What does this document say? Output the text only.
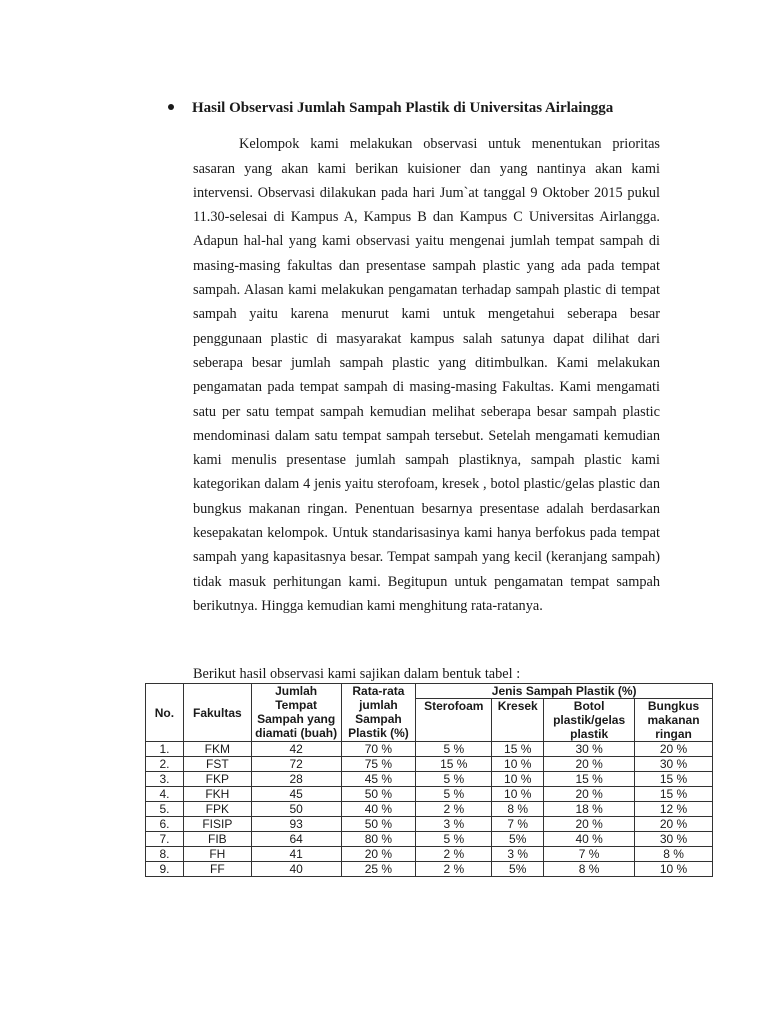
Hasil Observasi Jumlah Sampah Plastik di Universitas Airlaingga

Kelompok kami melakukan observasi untuk menentukan prioritas sasaran yang akan kami berikan kuisioner dan yang nantinya akan kami intervensi. Observasi dilakukan pada hari Jum`at tanggal 9 Oktober 2015 pukul 11.30-selesai di Kampus A, Kampus B dan Kampus C Universitas Airlangga. Adapun hal-hal yang kami observasi yaitu mengenai jumlah tempat sampah di masing-masing fakultas dan presentase sampah plastic yang ada pada tempat sampah. Alasan kami melakukan pengamatan terhadap sampah plastic di tempat sampah yaitu karena menurut kami untuk mengetahui seberapa besar penggunaan plastic di masyarakat kampus salah satunya dapat dilihat dari seberapa besar jumlah sampah plastic yang ditimbulkan. Kami melakukan pengamatan pada tempat sampah di masing-masing Fakultas. Kami mengamati satu per satu tempat sampah kemudian melihat seberapa besar sampah plastic mendominasi dalam satu tempat sampah tersebut. Setelah mengamati kemudian kami menulis presentase jumlah sampah plastiknya, sampah plastic kami kategorikan dalam 4 jenis yaitu sterofoam, kresek , botol plastic/gelas plastic dan bungkus makanan ringan. Penentuan besarnya presentase adalah berdasarkan kesepakatan kelompok. Untuk standarisasinya kami hanya berfokus pada tempat sampah yang kapasitasnya besar. Tempat sampah yang kecil (keranjang sampah) tidak masuk perhitungan kami. Begitupun untuk pengamatan tempat sampah berikutnya. Hingga kemudian kami menghitung rata-ratanya.

Berikut hasil observasi kami sajikan dalam bentuk tabel :
No.	Fakultas	Jumlah Tempat Sampah yang diamati (buah)	Rata-rata jumlah Sampah Plastik (%)	Jenis Sampah Plastik (%)			
				Sterofoam	Kresek	Botol plastik/gelas plastik	Bungkus makanan ringan
1.	FKM	42	70 %	5 %	15 %	30 %	20 %
2.	FST	72	75 %	15 %	10 %	20 %	30 %
3.	FKP	28	45 %	5 %	10 %	15 %	15 %
4.	FKH	45	50 %	5 %	10 %	20 %	15 %
5.	FPK	50	40 %	2 %	8 %	18 %	12 %
6.	FISIP	93	50 %	3 %	7 %	20 %	20 %
7.	FIB	64	80 %	5 %	5%	40 %	30 %
8.	FH	41	20 %	2 %	3 %	7 %	8 %
9.	FF	40	25 %	2 %	5%	8 %	10 %
